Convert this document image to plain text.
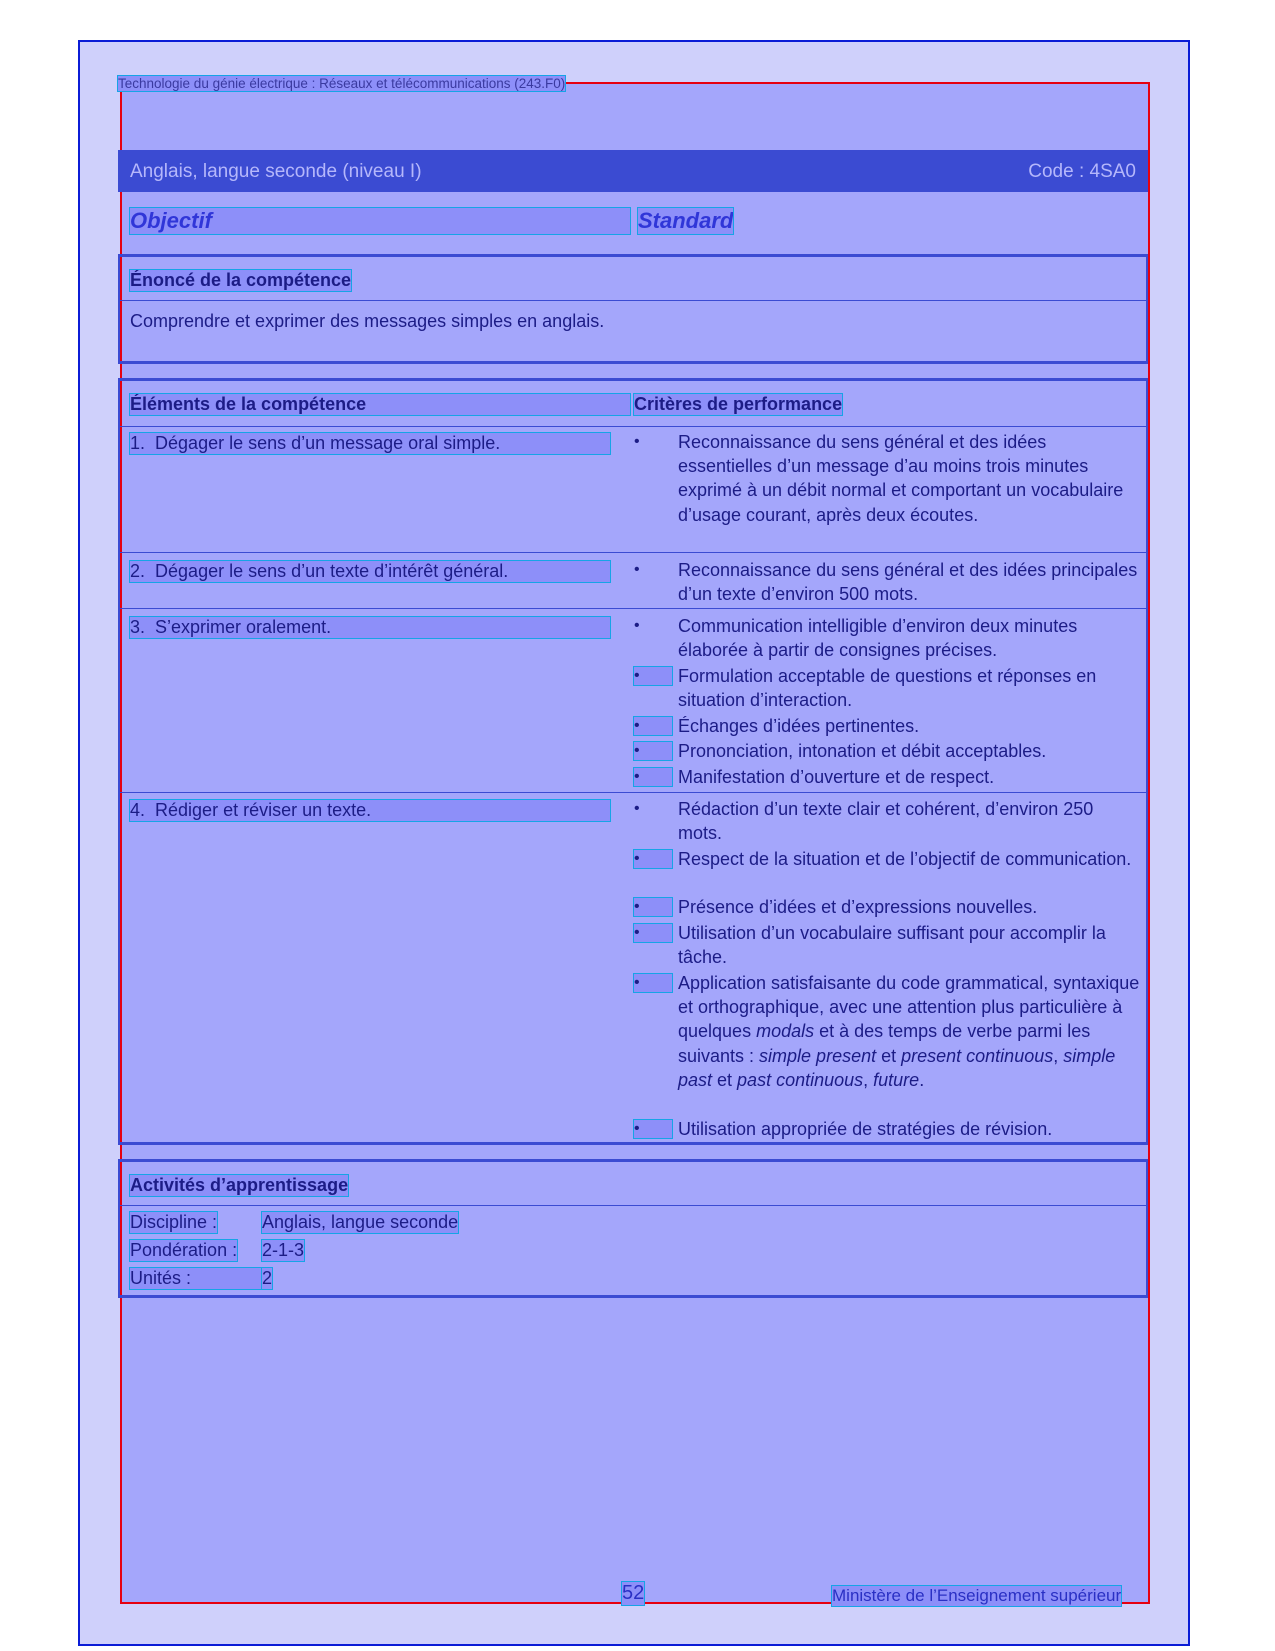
Technologie du génie électrique : Réseaux et télécommunications (243.F0)
Anglais, langue seconde (niveau I)	Code : 4SA0
Objectif	Standard
Énoncé de la compétence
Comprendre et exprimer des messages simples en anglais.
Éléments de la compétence	Critères de performance
1. Dégager le sens d’un message oral simple.	•	Reconnaissance du sens général et des idées essentielles d’un message d’au moins trois minutes exprimé à un débit normal et comportant un vocabulaire d’usage courant, après deux écoutes.
2. Dégager le sens d’un texte d’intérêt général.	•	Reconnaissance du sens général et des idées principales d’un texte d’environ 500 mots.
3. S’exprimer oralement.	•	Communication intelligible d’environ deux minutes élaborée à partir de consignes précises.
•	Formulation acceptable de questions et réponses en situation d’interaction.
•	Échanges d’idées pertinentes.
•	Prononciation, intonation et débit acceptables.
•	Manifestation d’ouverture et de respect.
4. Rédiger et réviser un texte.	•	Rédaction d’un texte clair et cohérent, d’environ 250 mots.
•	Respect de la situation et de l’objectif de communication.
•	Présence d’idées et d’expressions nouvelles.
•	Utilisation d’un vocabulaire suffisant pour accomplir la tâche.
•	Application satisfaisante du code grammatical, syntaxique et orthographique, avec une attention plus particulière à quelques modals et à des temps de verbe parmi les suivants : simple present et present continuous, simple past et past continuous, future.
•	Utilisation appropriée de stratégies de révision.
Activités d’apprentissage
Discipline : Anglais, langue seconde
Pondération : 2-1-3
Unités :	2
52	Ministère de l’Enseignement supérieur
